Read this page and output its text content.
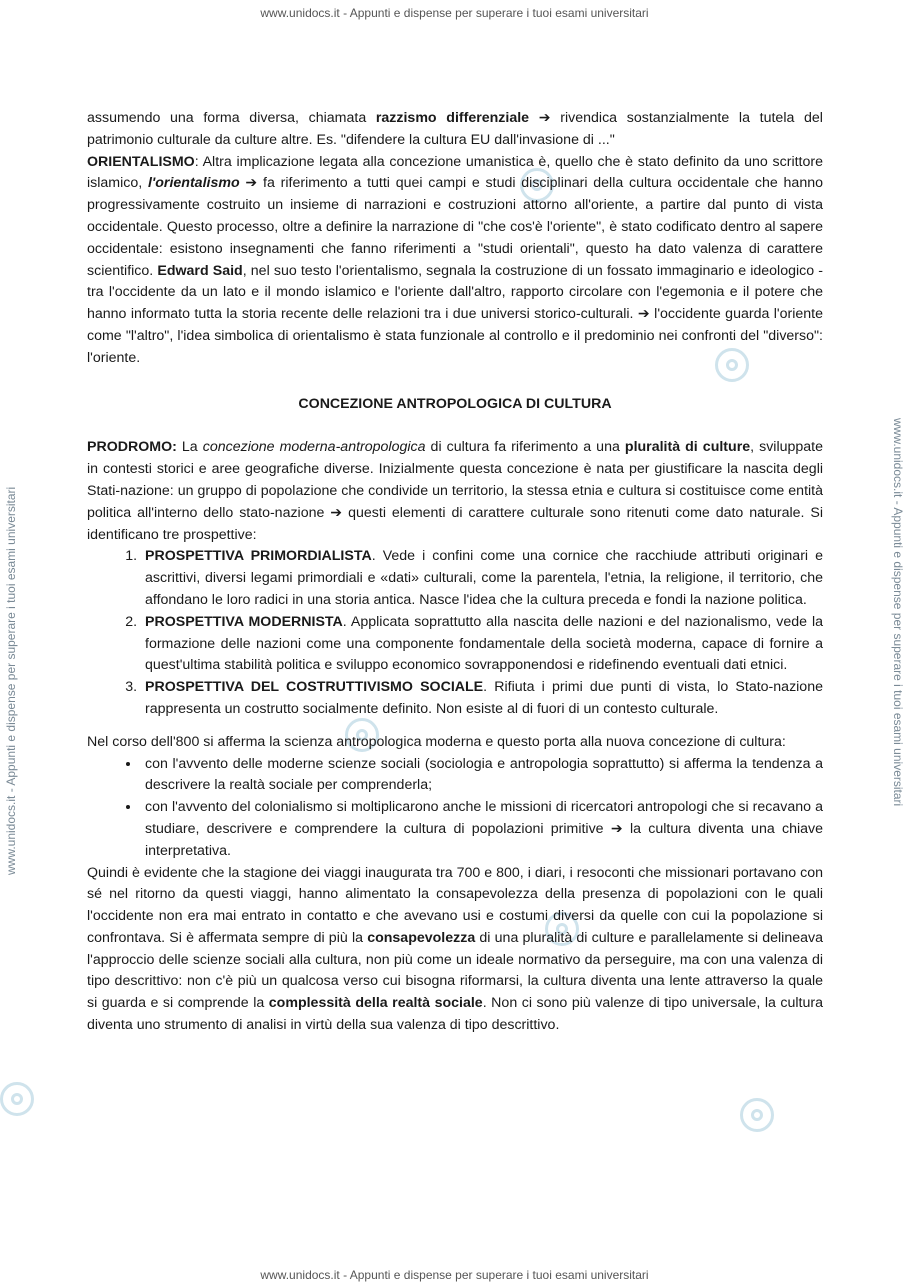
www.unidocs.it - Appunti e dispense per superare i tuoi esami universitari
www.unidocs.it - Appunti e dispense per superare i tuoi esami universitari	www.unidocs.it - Appunti e dispense per superare i tuoi esami universitari

assumendo una forma diversa, chiamata razzismo differenziale ➔ rivendica sostanzialmente la tutela del patrimonio culturale da culture altre. Es. "difendere la cultura EU dall'invasione di ..."

ORIENTALISMO: Altra implicazione legata alla concezione umanistica è, quello che è stato definito da uno scrittore islamico, l'orientalismo ➔ fa riferimento a tutti quei campi e studi disciplinari della cultura occidentale che hanno progressivamente costruito un insieme di narrazioni e costruzioni attorno all'oriente, a partire dal punto di vista occidentale. Questo processo, oltre a definire la narrazione di "che cos'è l'oriente", è stato codificato dentro al sapere occidentale: esistono insegnamenti che fanno riferimenti a "studi orientali", questo ha dato valenza di carattere scientifico. Edward Said, nel suo testo l'orientalismo, segnala la costruzione di un fossato immaginario e ideologico - tra l'occidente da un lato e il mondo islamico e l'oriente dall'altro, rapporto circolare con l'egemonia e il potere che hanno informato tutta la storia recente delle relazioni tra i due universi storico-culturali. ➔ l'occidente guarda l'oriente come "l'altro", l'idea simbolica di orientalismo è stata funzionale al controllo e il predominio nei confronti del "diverso": l'oriente.

CONCEZIONE ANTROPOLOGICA DI CULTURA

PRODROMO: La concezione moderna-antropologica di cultura fa riferimento a una pluralità di culture, sviluppate in contesti storici e aree geografiche diverse. Inizialmente questa concezione è nata per giustificare la nascita degli Stati-nazione: un gruppo di popolazione che condivide un territorio, la stessa etnia e cultura si costituisce come entità politica all'interno dello stato-nazione ➔ questi elementi di carattere culturale sono ritenuti come dato naturale. Si identificano tre prospettive:

1. PROSPETTIVA PRIMORDIALISTA. Vede i confini come una cornice che racchiude attributi originari e ascrittivi, diversi legami primordiali e «dati» culturali, come la parentela, l'etnia, la religione, il territorio, che affondano le loro radici in una storia antica. Nasce l'idea che la cultura preceda e fondi la nazione politica.
2. PROSPETTIVA MODERNISTA. Applicata soprattutto alla nascita delle nazioni e del nazionalismo, vede la formazione delle nazioni come una componente fondamentale della società moderna, capace di fornire a quest'ultima stabilità politica e sviluppo economico sovrapponendosi e ridefinendo eventuali dati etnici.
3. PROSPETTIVA DEL COSTRUTTIVISMO SOCIALE. Rifiuta i primi due punti di vista, lo Stato-nazione rappresenta un costrutto socialmente definito. Non esiste al di fuori di un contesto culturale.

Nel corso dell'800 si afferma la scienza antropologica moderna e questo porta alla nuova concezione di cultura:

• con l'avvento delle moderne scienze sociali (sociologia e antropologia soprattutto) si afferma la tendenza a descrivere la realtà sociale per comprenderla;
• con l'avvento del colonialismo si moltiplicarono anche le missioni di ricercatori antropologi che si recavano a studiare, descrivere e comprendere la cultura di popolazioni primitive ➔ la cultura diventa una chiave interpretativa.

Quindi è evidente che la stagione dei viaggi inaugurata tra 700 e 800, i diari, i resoconti che missionari portavano con sé nel ritorno da questi viaggi, hanno alimentato la consapevolezza della presenza di popolazioni con le quali l'occidente non era mai entrato in contatto e che avevano usi e costumi diversi da quelle con cui la popolazione si confrontava. Si è affermata sempre di più la consapevolezza di una pluralità di culture e parallelamente si delineava l'approccio delle scienze sociali alla cultura, non più come un ideale normativo da perseguire, ma con una valenza di tipo descrittivo: non c'è più un qualcosa verso cui bisogna riformarsi, la cultura diventa una lente attraverso la quale si guarda e si comprende la complessità della realtà sociale. Non ci sono più valenze di tipo universale, la cultura diventa uno strumento di analisi in virtù della sua valenza di tipo descrittivo.

www.unidocs.it - Appunti e dispense per superare i tuoi esami universitari
